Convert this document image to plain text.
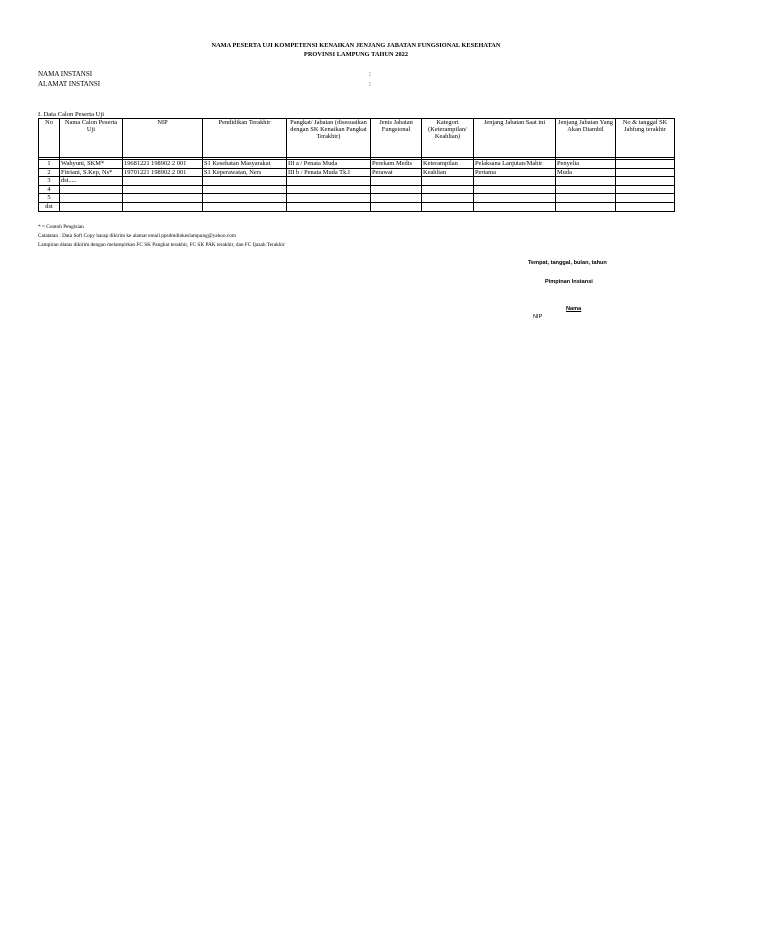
NAMA PESERTA UJI KOMPETENSI KENAIKAN JENJANG JABATAN FUNGSIONAL KESEHATAN
PROVINSI LAMPUNG TAHUN 2022
NAMA INSTANSI	:
ALAMAT INSTANSI	:
I. Data Calon Peserta Uji
No	Nama Calon Peserta Uji	NIP	Pendidikan Terakhir	Pangkat/ Jabatan (disesuaikan dengan SK Kenaikan Pangkat Terakhir)	Jenis Jabatan Fungsional	Kategori (Keterampilan/ Keahlian)	Jenjang Jabatan Saat ini	Jenjang Jabatan Yang Akan Diambil	No & tanggal SK Jabfung terakhir

1	Wahyuni, SKM*	19681221 198902 2 001	S1 Kesehatan Masyarakat	III a / Penata Muda	Perekam Medis	Keterampilan	Pelaksana Lanjutan/Mahir	Penyelia	
2	Fitriani, S.Kep, Ns*	19701221 198902 2 001	S1 Keperawatan, Ners	III b / Penata Muda Tk.I	Perawat	Keahlian	Pertama	Muda	
3	dst.....								
4									
5									
dst									
* = Contoh Pengisian
Catatatan : Data Soft Copy harap dikirim ke alamat email ppsdmdinkeslampung@yahoo.com
Lampiran diatas dikirim dengan melampirkan FC SK Pangkat terakhir, FC SK PAK terakhir, dan FC Ijazah Terakhir
Tempat, tanggal, bulan, tahun
Pimpinan Instansi
Nama
NIP
